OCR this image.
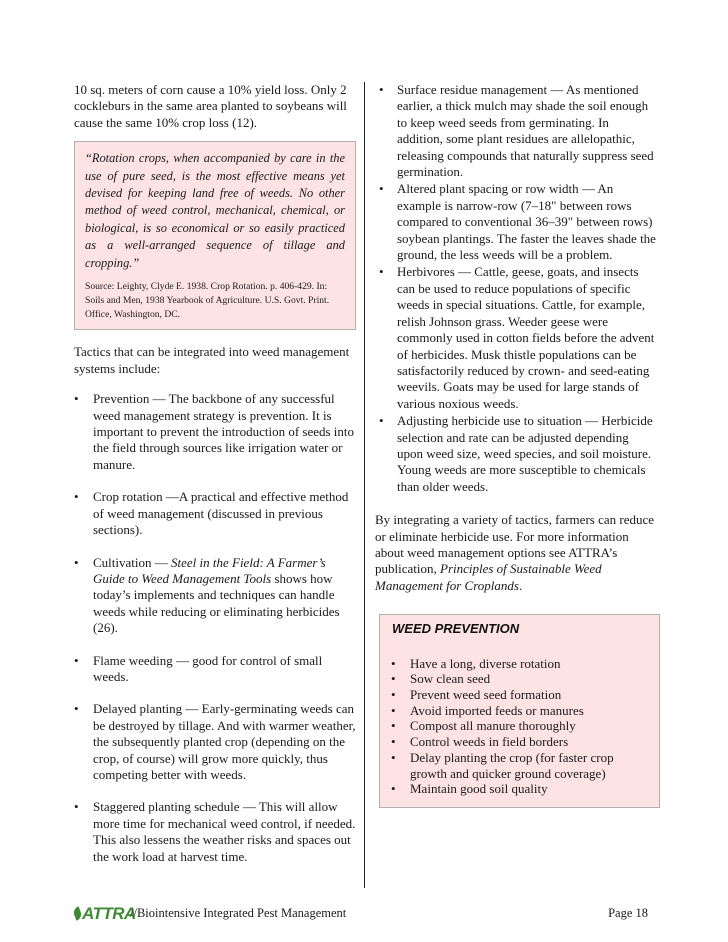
10 sq. meters of corn cause a 10% yield loss. Only 2 cockleburs in the same area planted to soybeans will cause the same 10% crop loss (12).

“Rotation crops, when accompanied by care in the use of pure seed, is the most effective means yet devised for keeping land free of weeds. No other method of weed control, mechanical, chemical, or biological, is so economical or so easily practiced as a well-arranged sequence of tillage and cropping.”

Source: Leighty, Clyde E. 1938. Crop Rotation. p. 406-429. In: Soils and Men, 1938 Yearbook of Agriculture. U.S. Govt. Print. Office, Washington, DC.

Tactics that can be integrated into weed management systems include:

• Prevention — The backbone of any successful weed management strategy is prevention. It is important to prevent the introduction of seeds into the field through sources like irrigation water or manure.
• Crop rotation —A practical and effective method of weed management (discussed in previous sections).
• Cultivation — Steel in the Field: A Farmer’s Guide to Weed Management Tools shows how today’s implements and techniques can handle weeds while reducing or eliminating herbicides (26).
• Flame weeding — good for control of small weeds.
• Delayed planting — Early-germinating weeds can be destroyed by tillage. And with warmer weather, the subsequently planted crop (depending on the crop, of course) will grow more quickly, thus competing better with weeds.
• Staggered planting schedule — This will allow more time for mechanical weed control, if needed. This also lessens the weather risks and spaces out the work load at harvest time.
• Surface residue management — As mentioned earlier, a thick mulch may shade the soil enough to keep weed seeds from germinating. In addition, some plant residues are allelopathic, releasing compounds that naturally suppress seed germination.
• Altered plant spacing or row width — An example is narrow-row (7–18" between rows compared to conventional 36–39" between rows) soybean plantings. The faster the leaves shade the ground, the less weeds will be a problem.
• Herbivores — Cattle, geese, goats, and insects can be used to reduce populations of specific weeds in special situations. Cattle, for example, relish Johnson grass. Weeder geese were commonly used in cotton fields before the advent of herbicides. Musk thistle populations can be satisfactorily reduced by crown- and seed-eating weevils. Goats may be used for large stands of various noxious weeds.
• Adjusting herbicide use to situation — Herbicide selection and rate can be adjusted depending upon weed size, weed species, and soil moisture. Young weeds are more susceptible to chemicals than older weeds.

By integrating a variety of tactics, farmers can reduce or eliminate herbicide use. For more information about weed management options see ATTRA’s publication, Principles of Sustainable Weed Management for Croplands.

WEED PREVENTION
• Have a long, diverse rotation
• Sow clean seed
• Prevent weed seed formation
• Avoid imported feeds or manures
• Compost all manure thoroughly
• Control weeds in field borders
• Delay planting the crop (for faster crop growth and quicker ground coverage)
• Maintain good soil quality
ATTRA
//Biointensive Integrated Pest Management	Page 18
